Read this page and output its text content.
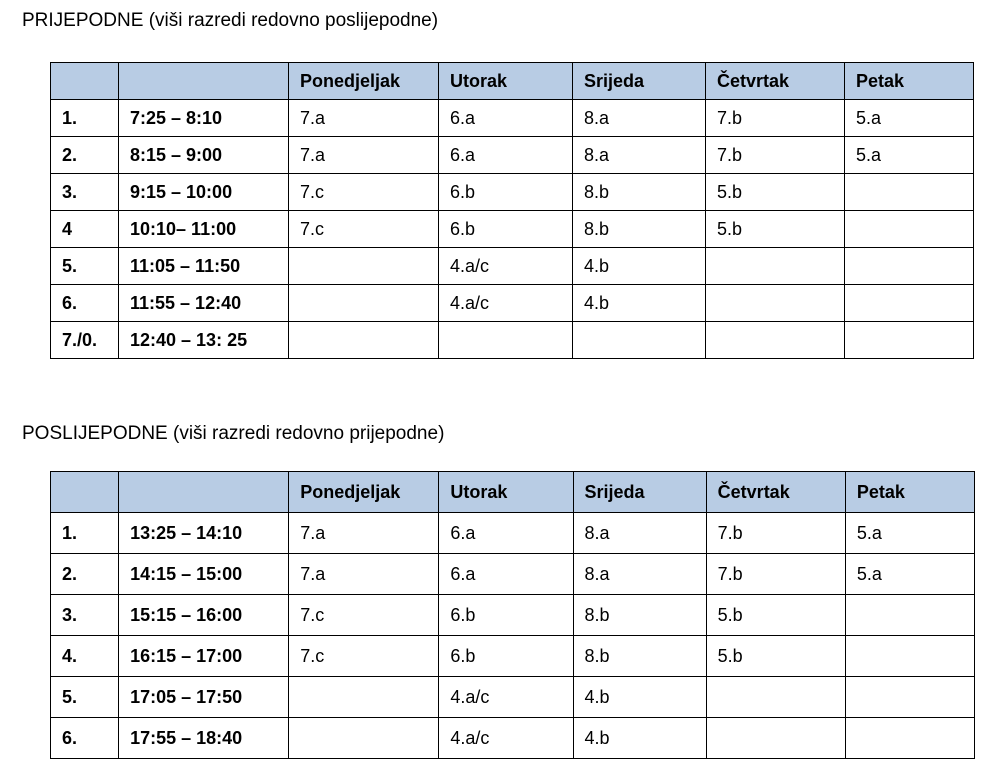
PRIJEPODNE (viši razredi redovno poslijepodne)
		Ponedjeljak	Utorak	Srijeda	Četvrtak	Petak
1.	7:25 – 8:10	7.a	6.a	8.a	7.b	5.a
2.	8:15 – 9:00	7.a	6.a	8.a	7.b	5.a
3.	9:15 – 10:00	7.c	6.b	8.b	5.b	
4	10:10– 11:00	7.c	6.b	8.b	5.b	
5.	11:05 – 11:50		4.a/c	4.b		
6.	11:55 – 12:40		4.a/c	4.b		
7./0.	12:40 – 13: 25					
POSLIJEPODNE (viši razredi redovno prijepodne)
		Ponedjeljak	Utorak	Srijeda	Četvrtak	Petak
1.	13:25 – 14:10	7.a	6.a	8.a	7.b	5.a
2.	14:15 – 15:00	7.a	6.a	8.a	7.b	5.a
3.	15:15 – 16:00	7.c	6.b	8.b	5.b	
4.	16:15 – 17:00	7.c	6.b	8.b	5.b	
5.	17:05 – 17:50		4.a/c	4.b		
6.	17:55 – 18:40		4.a/c	4.b		
